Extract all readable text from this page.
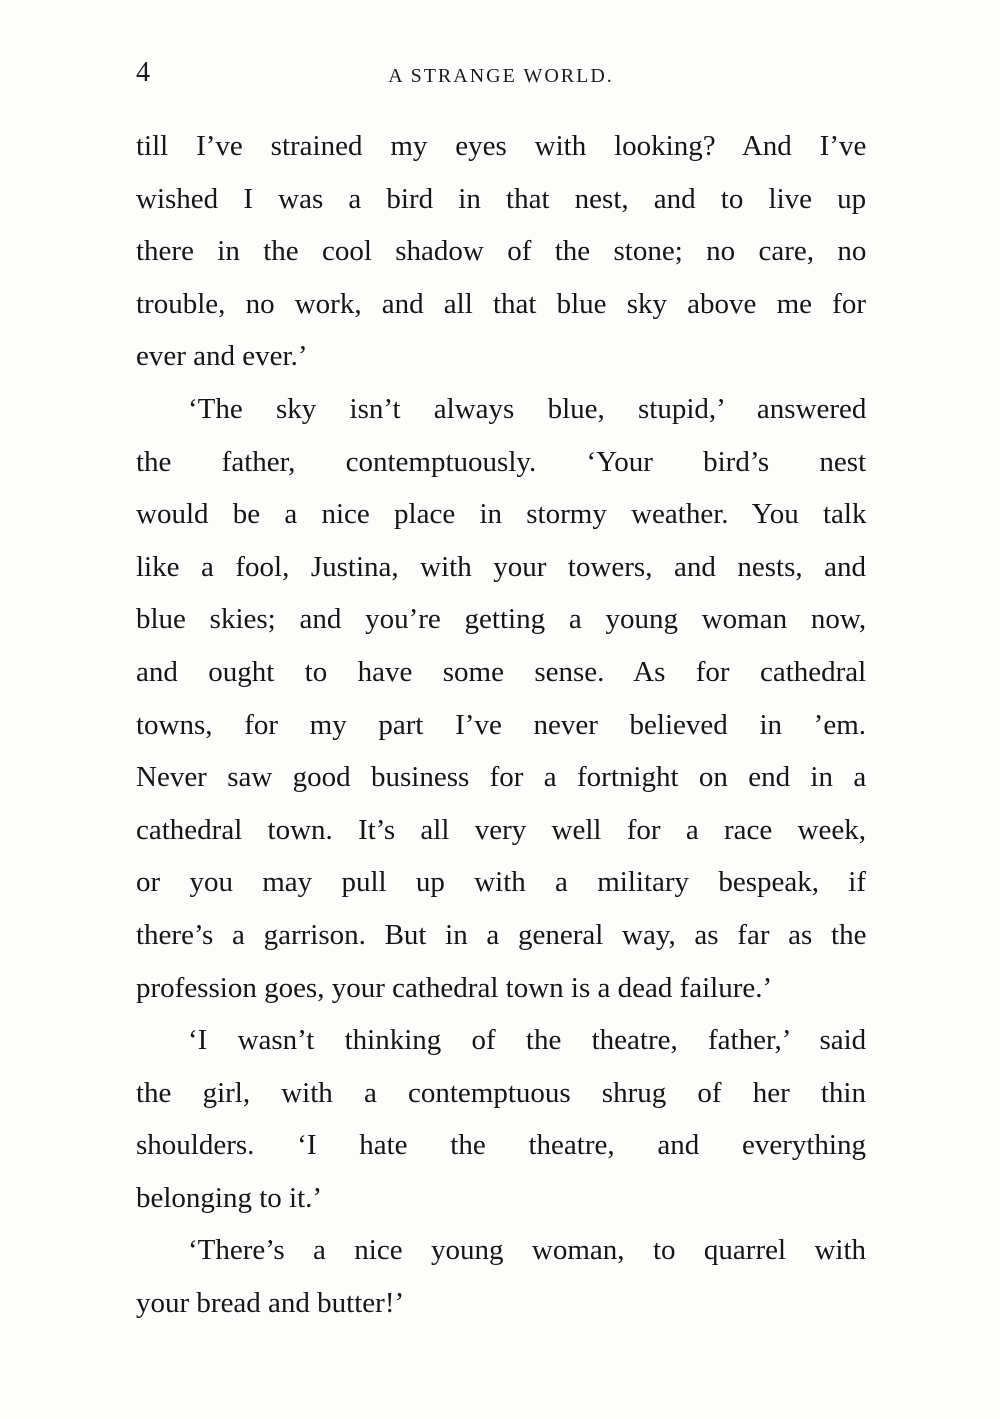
4	A STRANGE WORLD.

till I’ve strained my eyes with looking? And I’ve
wished I was a bird in that nest, and to live up
there in the cool shadow of the stone; no care, no
trouble, no work, and all that blue sky above me for
ever and ever.’

‘The sky isn’t always blue, stupid,’ answered
the father, contemptuously. ‘Your bird’s nest
would be a nice place in stormy weather. You talk
like a fool, Justina, with your towers, and nests, and
blue skies; and you’re getting a young woman now,
and ought to have some sense. As for cathedral
towns, for my part I’ve never believed in ’em.
Never saw good business for a fortnight on end in a
cathedral town. It’s all very well for a race week,
or you may pull up with a military bespeak, if
there’s a garrison. But in a general way, as far as the
profession goes, your cathedral town is a dead failure.’

‘I wasn’t thinking of the theatre, father,’ said
the girl, with a contemptuous shrug of her thin
shoulders. ‘I hate the theatre, and everything
belonging to it.’

‘There’s a nice young woman, to quarrel with
your bread and butter!’
